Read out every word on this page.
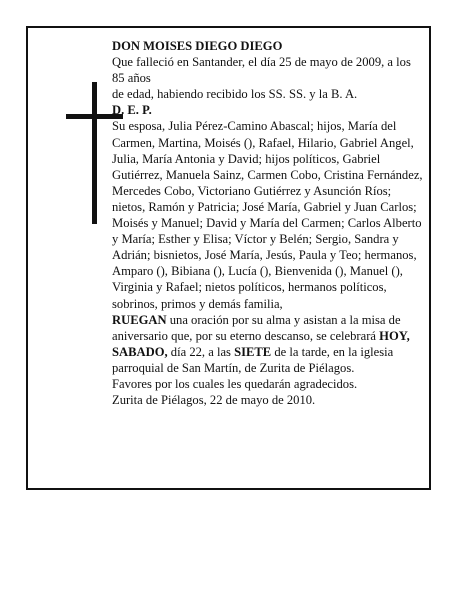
DON MOISES DIEGO DIEGO

Que falleció en Santander, el día 25 de mayo de 2009, a los 85 años

de edad, habiendo recibido los SS. SS. y la B. A.

D. E. P.

Su esposa, Julia Pérez-Camino Abascal; hijos, María del Carmen, Martina, Moisés (), Rafael, Hilario, Gabriel Angel, Julia, María Antonia y David; hijos políticos, Gabriel Gutiérrez, Manuela Sainz, Carmen Cobo, Cristina Fernández, Mercedes Cobo, Victoriano Gutiérrez y Asunción Ríos; nietos, Ramón y Patricia; José María, Gabriel y Juan Carlos; Moisés y Manuel; David y María del Carmen; Carlos Alberto y María; Esther y Elisa; Víctor y Belén; Sergio, Sandra y Adrián; bisnietos, José María, Jesús, Paula y Teo; hermanos, Amparo (), Bibiana (), Lucía (), Bienvenida (), Manuel (), Virginia y Rafael; nietos políticos, hermanos políticos, sobrinos, primos y demás familia,

RUEGAN una oración por su alma y asistan a la misa de aniversario que, por su eterno descanso, se celebrará HOY, SABADO, día 22, a las SIETE de la tarde, en la iglesia parroquial de San Martín, de Zurita de Piélagos.

Favores por los cuales les quedarán agradecidos.

Zurita de Piélagos, 22 de mayo de 2010.
